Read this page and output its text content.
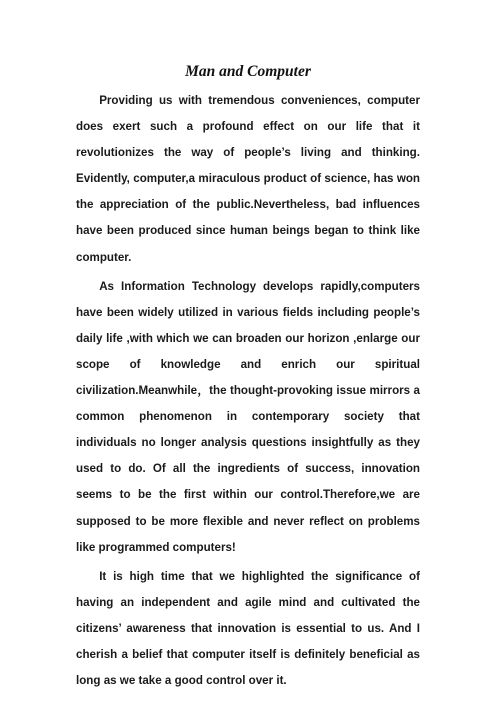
Man and Computer

Providing us with tremendous conveniences, computer does exert such a profound effect on our life that it revolutionizes the way of people’s living and thinking. Evidently, computer,a miraculous product of science, has won the appreciation of the public.Nevertheless, bad influences have been produced since human beings began to think like computer.

As Information Technology develops rapidly,computers have been widely utilized in various fields including people’s daily life ,with which we can broaden our horizon ,enlarge our scope of knowledge and enrich our spiritual civilization.Meanwhile，the thought-provoking issue mirrors a common phenomenon in contemporary society that individuals no longer analysis questions insightfully as they used to do. Of all the ingredients of success, innovation seems to be the first within our control.Therefore,we are supposed to be more flexible and never reflect on problems like programmed computers!

It is high time that we highlighted the significance of having an independent and agile mind and cultivated the citizens’ awareness that innovation is essential to us. And I cherish a belief that computer itself is definitely beneficial as long as we take a good control over it.
